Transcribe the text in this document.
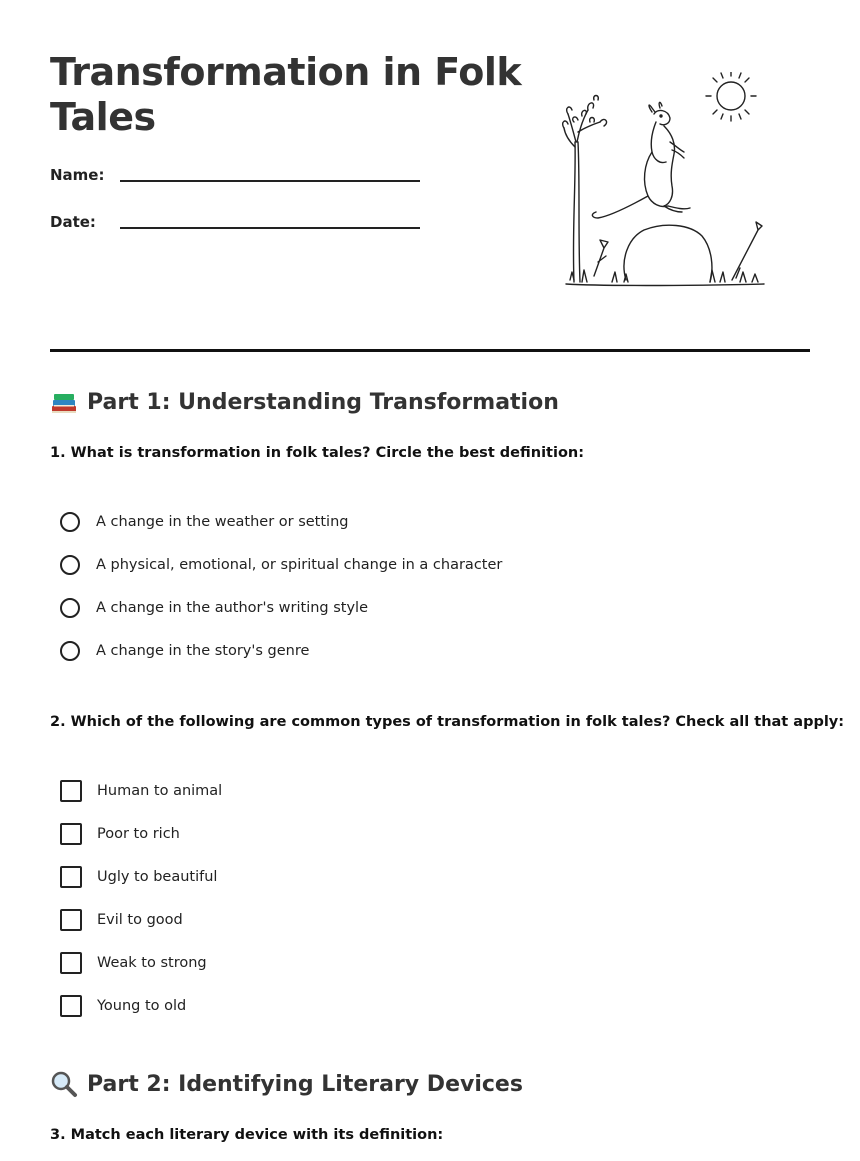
Transformation in Folk Tales
Name:
Date:
Part 1: Understanding Transformation

1. What is transformation in folk tales? Circle the best definition:

A change in the weather or setting
A physical, emotional, or spiritual change in a character
A change in the author's writing style
A change in the story's genre

2. Which of the following are common types of transformation in folk tales? Check all that apply:

Human to animal
Poor to rich
Ugly to beautiful
Evil to good
Weak to strong
Young to old
Part 2: Identifying Literary Devices

3. Match each literary device with its definition:
